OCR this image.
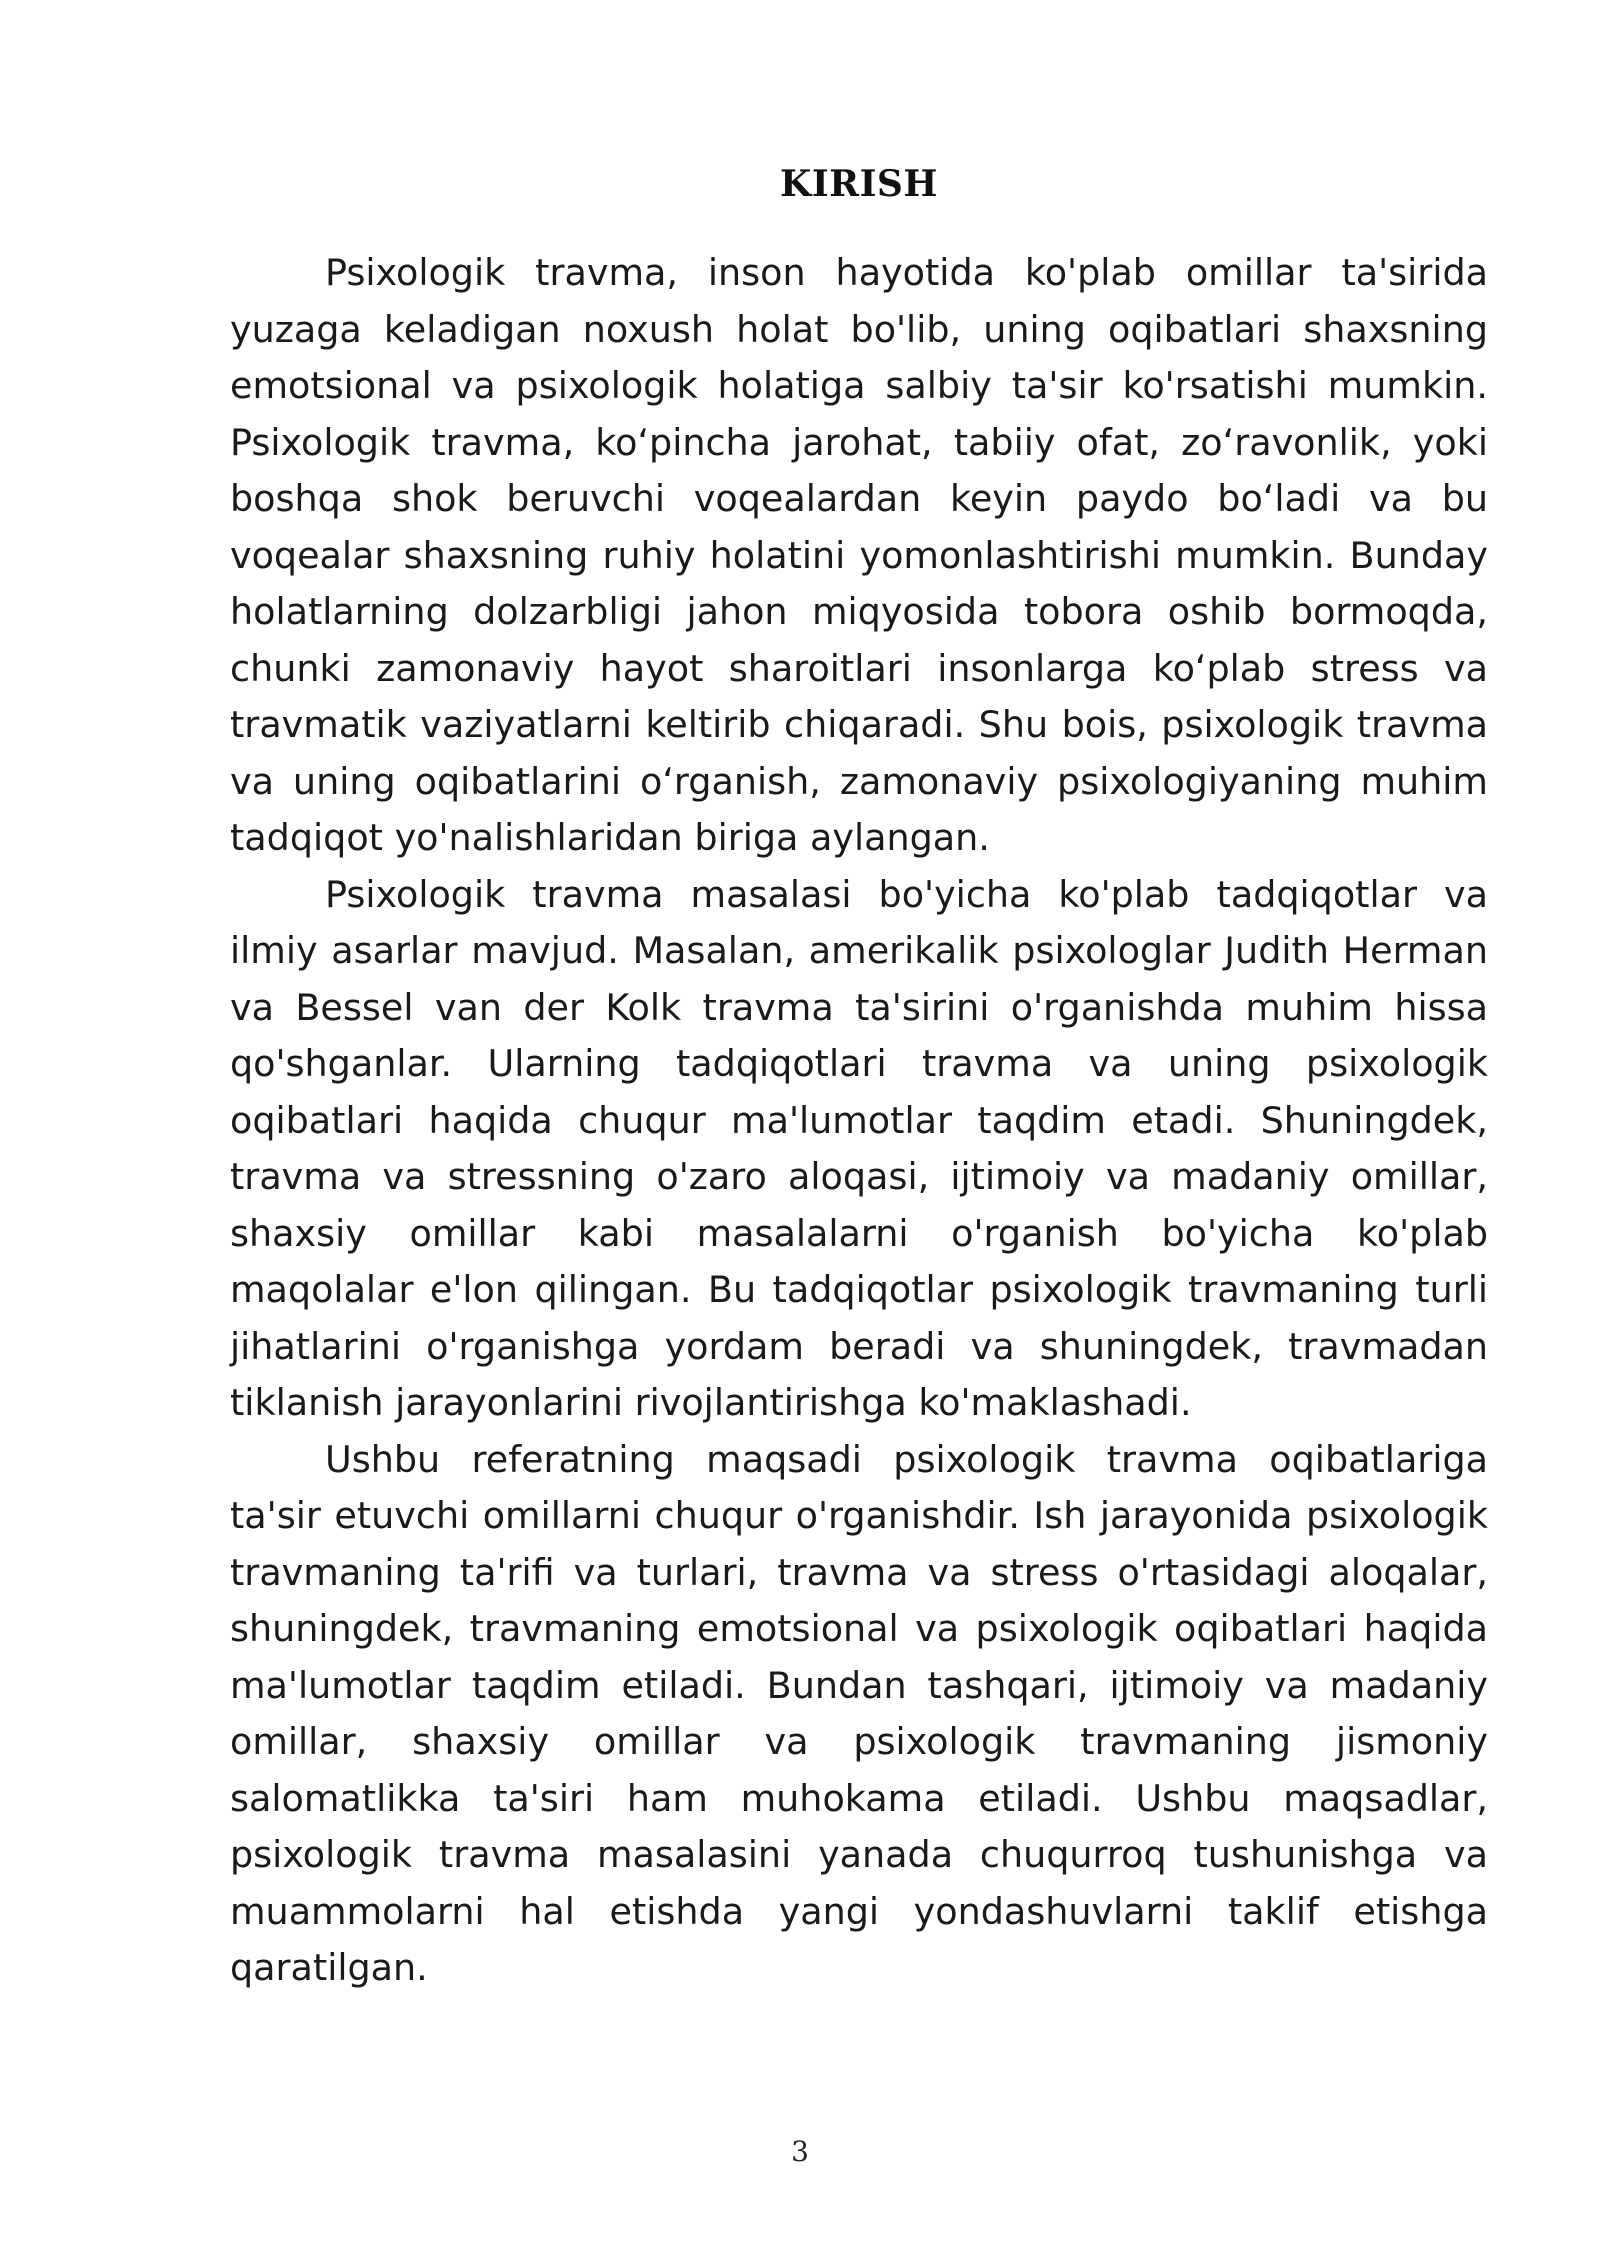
KIRISH

Psixologik travma, inson hayotida ko'plab omillar ta'sirida yuzaga keladigan noxush holat bo'lib, uning oqibatlari shaxsning emotsional va psixologik holatiga salbiy ta'sir ko'rsatishi mumkin. Psixologik travma, ko‘pincha jarohat, tabiiy ofat, zo‘ravonlik, yoki boshqa shok beruvchi voqealardan keyin paydo bo‘ladi va bu voqealar shaxsning ruhiy holatini yomonlashtirishi mumkin. Bunday holatlarning dolzarbligi jahon miqyosida tobora oshib bormoqda, chunki zamonaviy hayot sharoitlari insonlarga ko‘plab stress va travmatik vaziyatlarni keltirib chiqaradi. Shu bois, psixologik travma va uning oqibatlarini o‘rganish, zamonaviy psixologiyaning muhim tadqiqot yo'nalishlaridan biriga aylangan.

Psixologik travma masalasi bo'yicha ko'plab tadqiqotlar va ilmiy asarlar mavjud. Masalan, amerikalik psixologlar Judith Herman va Bessel van der Kolk travma ta'sirini o'rganishda muhim hissa qo'shganlar. Ularning tadqiqotlari travma va uning psixologik oqibatlari haqida chuqur ma'lumotlar taqdim etadi. Shuningdek, travma va stressning o'zaro aloqasi, ijtimoiy va madaniy omillar, shaxsiy omillar kabi masalalarni o'rganish bo'yicha ko'plab maqolalar e'lon qilingan. Bu tadqiqotlar psixologik travmaning turli jihatlarini o'rganishga yordam beradi va shuningdek, travmadan tiklanish jarayonlarini rivojlantirishga ko'maklashadi.

Ushbu referatning maqsadi psixologik travma oqibatlariga ta'sir etuvchi omillarni chuqur o'rganishdir. Ish jarayonida psixologik travmaning ta'rifi va turlari, travma va stress o'rtasidagi aloqalar, shuningdek, travmaning emotsional va psixologik oqibatlari haqida ma'lumotlar taqdim etiladi. Bundan tashqari, ijtimoiy va madaniy omillar, shaxsiy omillar va psixologik travmaning jismoniy salomatlikka ta'siri ham muhokama etiladi. Ushbu maqsadlar, psixologik travma masalasini yanada chuqurroq tushunishga va muammolarni hal etishda yangi yondashuvlarni taklif etishga qaratilgan.

3
